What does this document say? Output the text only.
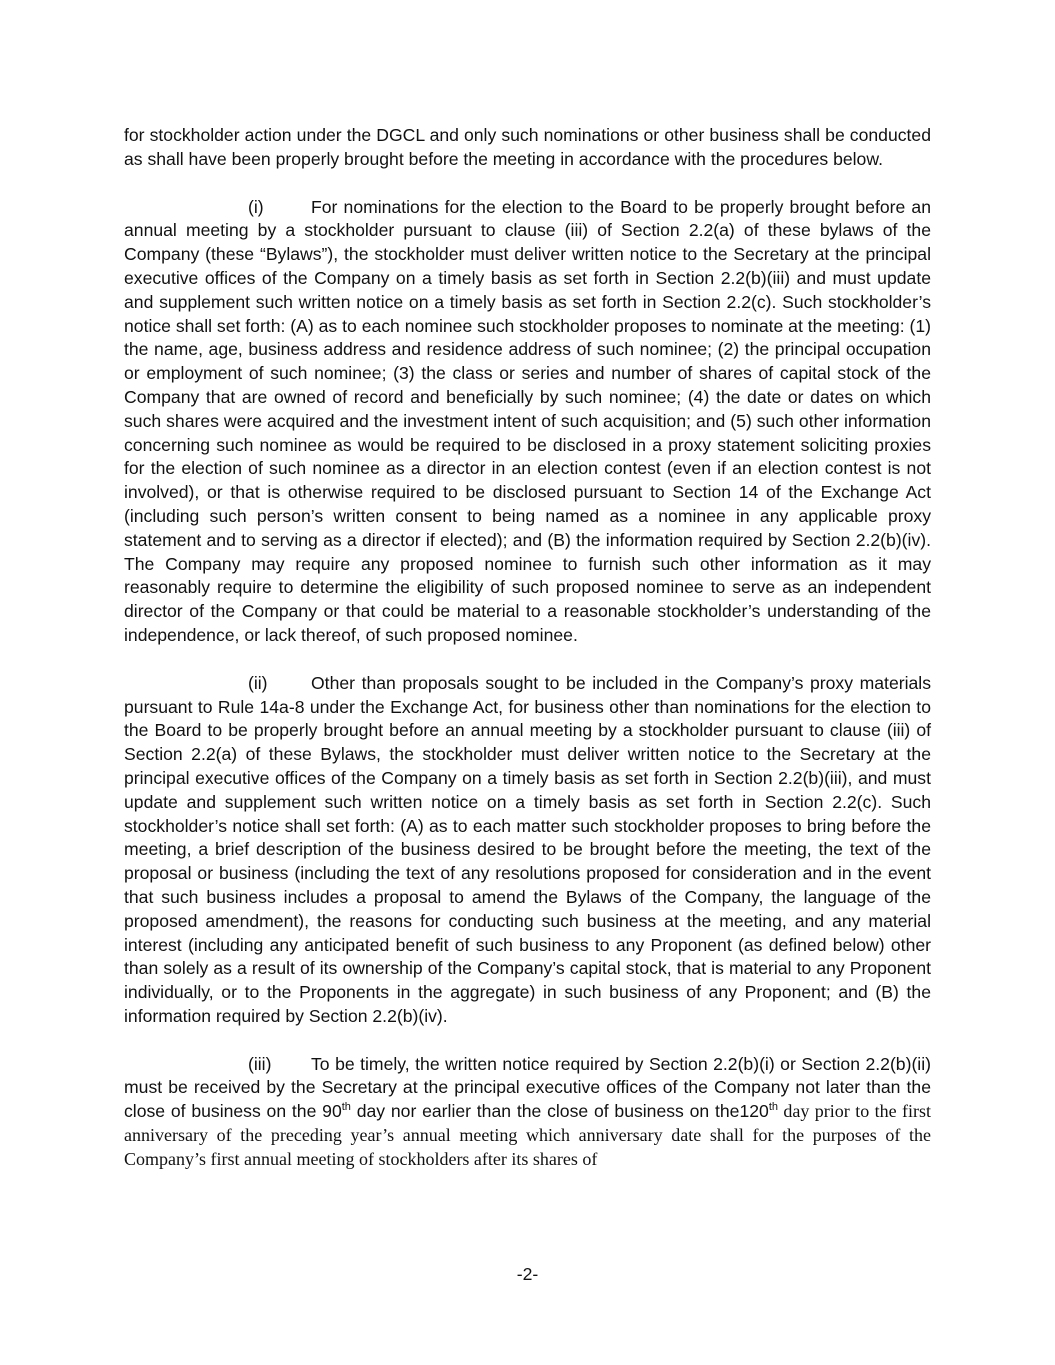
for stockholder action under the DGCL and only such nominations or other business shall be conducted as shall have been properly brought before the meeting in accordance with the procedures below.

(i)	For nominations for the election to the Board to be properly brought before an annual meeting by a stockholder pursuant to clause (iii) of Section 2.2(a) of these bylaws of the Company (these “Bylaws”), the stockholder must deliver written notice to the Secretary at the principal executive offices of the Company on a timely basis as set forth in Section 2.2(b)(iii) and must update and supplement such written notice on a timely basis as set forth in Section 2.2(c). Such stockholder’s notice shall set forth: (A) as to each nominee such stockholder proposes to nominate at the meeting: (1) the name, age, business address and residence address of such nominee; (2) the principal occupation or employment of such nominee; (3) the class or series and number of shares of capital stock of the Company that are owned of record and beneficially by such nominee; (4) the date or dates on which such shares were acquired and the investment intent of such acquisition; and (5) such other information concerning such nominee as would be required to be disclosed in a proxy statement soliciting proxies for the election of such nominee as a director in an election contest (even if an election contest is not involved), or that is otherwise required to be disclosed pursuant to Section 14 of the Exchange Act (including such person’s written consent to being named as a nominee in any applicable proxy statement and to serving as a director if elected); and (B) the information required by Section 2.2(b)(iv). The Company may require any proposed nominee to furnish such other information as it may reasonably require to determine the eligibility of such proposed nominee to serve as an independent director of the Company or that could be material to a reasonable stockholder’s understanding of the independence, or lack thereof, of such proposed nominee.

(ii) Other than proposals sought to be included in the Company’s proxy materials pursuant to Rule 14a-8 under the Exchange Act, for business other than nominations for the election to the Board to be properly brought before an annual meeting by a stockholder pursuant to clause (iii) of Section 2.2(a) of these Bylaws, the stockholder must deliver written notice to the Secretary at the principal executive offices of the Company on a timely basis as set forth in Section 2.2(b)(iii), and must update and supplement such written notice on a timely basis as set forth in Section 2.2(c). Such stockholder’s notice shall set forth: (A) as to each matter such stockholder proposes to bring before the meeting, a brief description of the business desired to be brought before the meeting, the text of the proposal or business (including the text of any resolutions proposed for consideration and in the event that such business includes a proposal to amend the Bylaws of the Company, the language of the proposed amendment), the reasons for conducting such business at the meeting, and any material interest (including any anticipated benefit of such business to any Proponent (as defined below) other than solely as a result of its ownership of the Company’s capital stock, that is material to any Proponent individually, or to the Proponents in the aggregate) in such business of any Proponent; and (B) the information required by Section 2.2(b)(iv).

(iii) To be timely, the written notice required by Section 2.2(b)(i) or Section 2.2(b)(ii) must be received by the Secretary at the principal executive offices of the Company not later than the close of business on the 90th day nor earlier than the close of business on the120th day prior to the first anniversary of the preceding year’s annual meeting which anniversary date shall for the purposes of the Company’s first annual meeting of stockholders after its shares of

-2-
